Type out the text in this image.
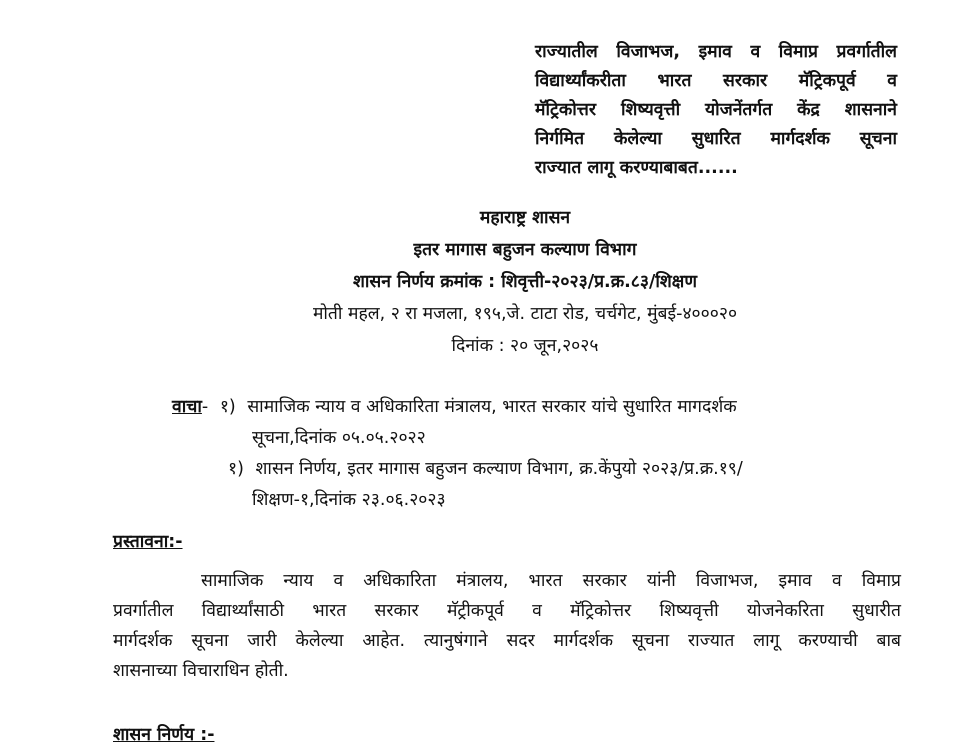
राज्यातील विजाभज, इमाव व विमाप्र प्रवर्गातील
विद्यार्थ्यांकरीता भारत सरकार मॅट्रिकपूर्व व
मॅट्रिकोत्तर शिष्यवृत्ती योजनेंतर्गत केंद्र शासनाने
निर्गमित केलेल्या सुधारित मार्गदर्शक सूचना
राज्यात लागू करण्याबाबत......
महाराष्ट्र शासन
इतर मागास बहुजन कल्याण विभाग
शासन निर्णय क्रमांक : शिवृत्ती-२०२३/प्र.क्र.८३/शिक्षण
मोती महल, २ रा मजला, १९५,जे. टाटा रोड, चर्चगेट, मुंबई-४०००२०
दिनांक : २० जून,२०२५
वाचा- १) सामाजिक न्याय व अधिकारिता मंत्रालय, भारत सरकार यांचे सुधारित मागदर्शक
सूचना,दिनांक ०५.०५.२०२२
१) शासन निर्णय, इतर मागास बहुजन कल्याण विभाग, क्र.केंपुयो २०२३/प्र.क्र.१९/
शिक्षण-१,दिनांक २३.०६.२०२३
प्रस्तावना:-
सामाजिक न्याय व अधिकारिता मंत्रालय, भारत सरकार यांनी विजाभज, इमाव व विमाप्र
प्रवर्गातील विद्यार्थ्यांसाठी भारत सरकार मॅट्रीकपूर्व व मॅट्रिकोत्तर शिष्यवृत्ती योजनेकरिता सुधारीत
मार्गदर्शक सूचना जारी केलेल्या आहेत. त्यानुषंगाने सदर मार्गदर्शक सूचना राज्यात लागू करण्याची बाब
शासनाच्या विचाराधिन होती.
शासन निर्णय :-
